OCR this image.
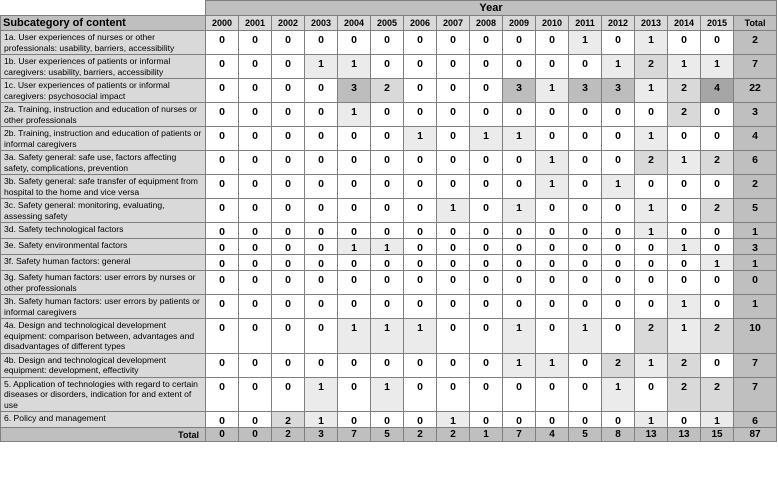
	Year																
Subcategory of content	2000	2001	2002	2003	2004	2005	2006	2007	2008	2009	2010	2011	2012	2013	2014	2015	Total
1a. User experiences of nurses or other professionals: usability, barriers, accessibility	0	0	0	0	0	0	0	0	0	0	0	1	0	1	0	0	2
1b. User experiences of patients or informal caregivers: usability, barriers, accessibility	0	0	0	1	1	0	0	0	0	0	0	0	1	2	1	1	7
1c. User experiences of patients or informal caregivers: psychosocial impact	0	0	0	0	3	2	0	0	0	3	1	3	3	1	2	4	22
2a. Training, instruction and education of nurses or other professionals	0	0	0	0	1	0	0	0	0	0	0	0	0	0	2	0	3
2b. Training, instruction and education of patients or informal caregivers	0	0	0	0	0	0	1	0	1	1	0	0	0	1	0	0	4
3a. Safety general: safe use, factors affecting safety, complications, prevention	0	0	0	0	0	0	0	0	0	0	1	0	0	2	1	2	6
3b. Safety general: safe transfer of equipment from hospital to the home and vice versa	0	0	0	0	0	0	0	0	0	0	1	0	1	0	0	0	2
3c. Safety general: monitoring, evaluating, assessing safety	0	0	0	0	0	0	0	1	0	1	0	0	0	1	0	2	5
3d. Safety technological factors	0	0	0	0	0	0	0	0	0	0	0	0	0	1	0	0	1
3e. Safety environmental factors	0	0	0	0	1	1	0	0	0	0	0	0	0	0	1	0	3
3f. Safety human factors: general	0	0	0	0	0	0	0	0	0	0	0	0	0	0	0	1	1
3g. Safety human factors: user errors by nurses or other professionals	0	0	0	0	0	0	0	0	0	0	0	0	0	0	0	0	0
3h. Safety human factors: user errors by patients or informal caregivers	0	0	0	0	0	0	0	0	0	0	0	0	0	0	1	0	1
4a. Design and technological development equipment: comparison between, advantages and disadvantages of different types	0	0	0	0	1	1	1	0	0	1	0	1	0	2	1	2	10
4b. Design and technological development equipment: development, effectivity	0	0	0	0	0	0	0	0	0	1	1	0	2	1	2	0	7
5. Application of technologies with regard to certain diseases or disorders, indication for and extent of use	0	0	0	1	0	1	0	0	0	0	0	0	1	0	2	2	7
6. Policy and management	0	0	2	1	0	0	0	1	0	0	0	0	0	1	0	1	6
Total	0	0	2	3	7	5	2	2	1	7	4	5	8	13	13	15	87
